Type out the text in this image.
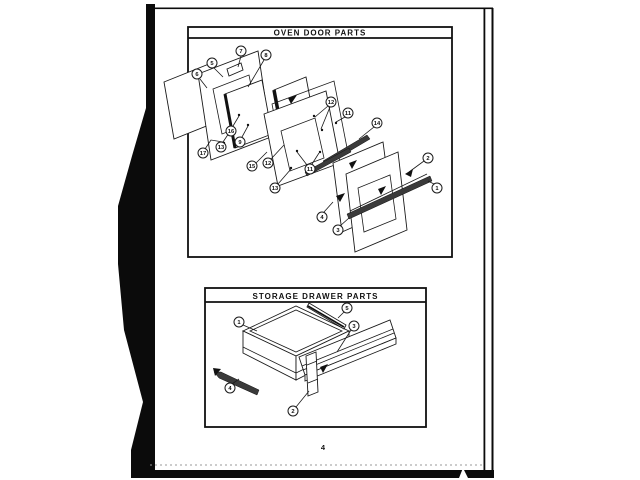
OVEN DOOR PARTS
7
5
6
8
16
9
13
17
15 12
11
13
12
11
14
2
1
4
3
STORAGE DRAWER PARTS
1
5
3
4
2
4
